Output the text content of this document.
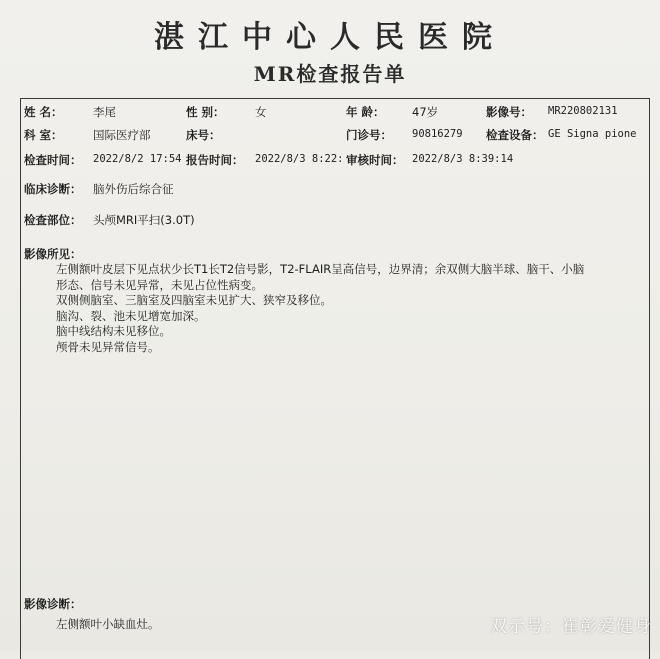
湛江中心人民医院
MR检查报告单
姓 名：	李尾	性 别：	女	年 龄： 47岁	影像号： MR220802131
科 室：	国际医疗部	床号：	门诊号： 90816279 检查设备： GE Signa pione
检查时间： 2022/8/2 17:54 报告时间： 2022/8/3 8:22: 审核时间： 2022/8/3 8:39:14
临床诊断： 脑外伤后综合征
检查部位： 头颅MRI平扫(3.0T)
影像所见：
左侧额叶皮层下见点状少长T1长T2信号影，T2-FLAIR呈高信号，边界清；余双侧大脑半球、脑干、小脑
形态、信号未见异常，未见占位性病变。
双侧侧脑室、三脑室及四脑室未见扩大、狭窄及移位。
脑沟、裂、池未见增宽加深。
脑中线结构未见移位。
颅骨未见异常信号。
影像诊断：
左侧额叶小缺血灶。	双示号：崔彰爱健身
